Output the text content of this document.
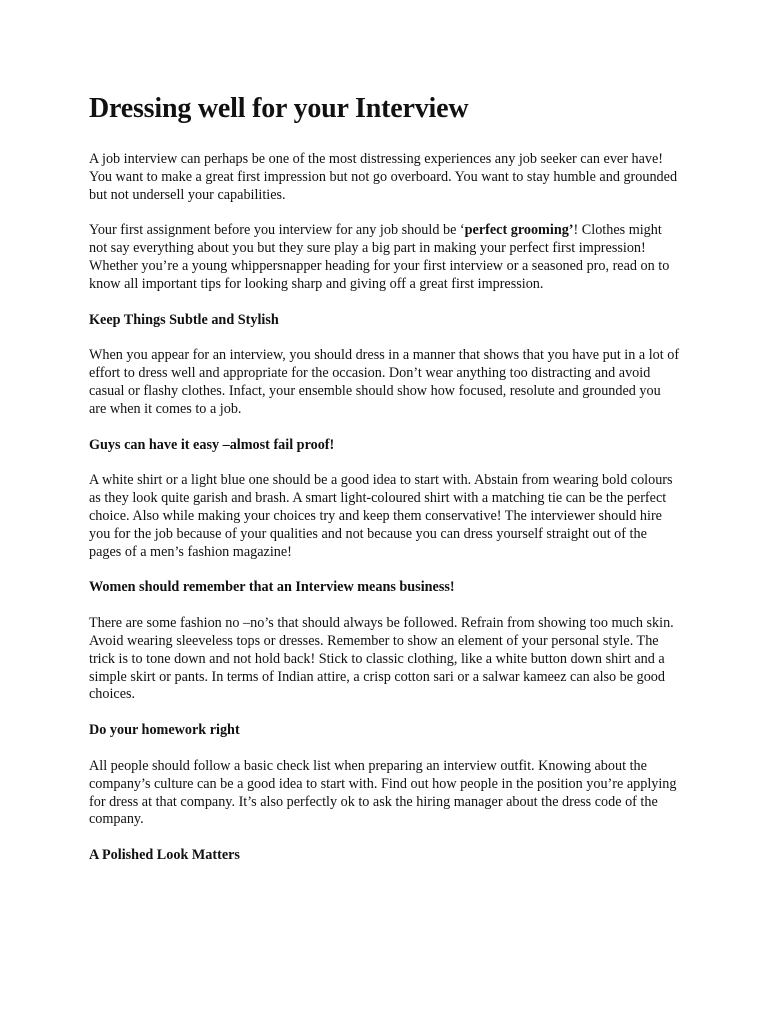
Dressing well for your Interview

A job interview can perhaps be one of the most distressing experiences any job seeker can ever have! You want to make a great first impression but not go overboard. You want to stay humble and grounded but not undersell your capabilities.

Your first assignment before you interview for any job should be ‘perfect grooming’! Clothes might not say everything about you but they sure play a big part in making your perfect first impression! Whether you’re a young whippersnapper heading for your first interview or a seasoned pro, read on to know all important tips for looking sharp and giving off a great first impression.

Keep Things Subtle and Stylish

When you appear for an interview, you should dress in a manner that shows that you have put in a lot of effort to dress well and appropriate for the occasion. Don’t wear anything too distracting and avoid casual or flashy clothes. Infact, your ensemble should show how focused, resolute and grounded you are when it comes to a job.

Guys can have it easy –almost fail proof!

A white shirt or a light blue one should be a good idea to start with. Abstain from wearing bold colours as they look quite garish and brash. A smart light-coloured shirt with a matching tie can be the perfect choice. Also while making your choices try and keep them conservative! The interviewer should hire you for the job because of your qualities and not because you can dress yourself straight out of the pages of a men’s fashion magazine!

Women should remember that an Interview means business!

There are some fashion no –no’s that should always be followed. Refrain from showing too much skin. Avoid wearing sleeveless tops or dresses. Remember to show an element of your personal style. The trick is to tone down and not hold back! Stick to classic clothing, like a white button down shirt and a simple skirt or pants. In terms of Indian attire, a crisp cotton sari or a salwar kameez can also be good choices.

Do your homework right

All people should follow a basic check list when preparing an interview outfit. Knowing about the company’s culture can be a good idea to start with. Find out how people in the position you’re applying for dress at that company. It’s also perfectly ok to ask the hiring manager about the dress code of the company.

A Polished Look Matters
